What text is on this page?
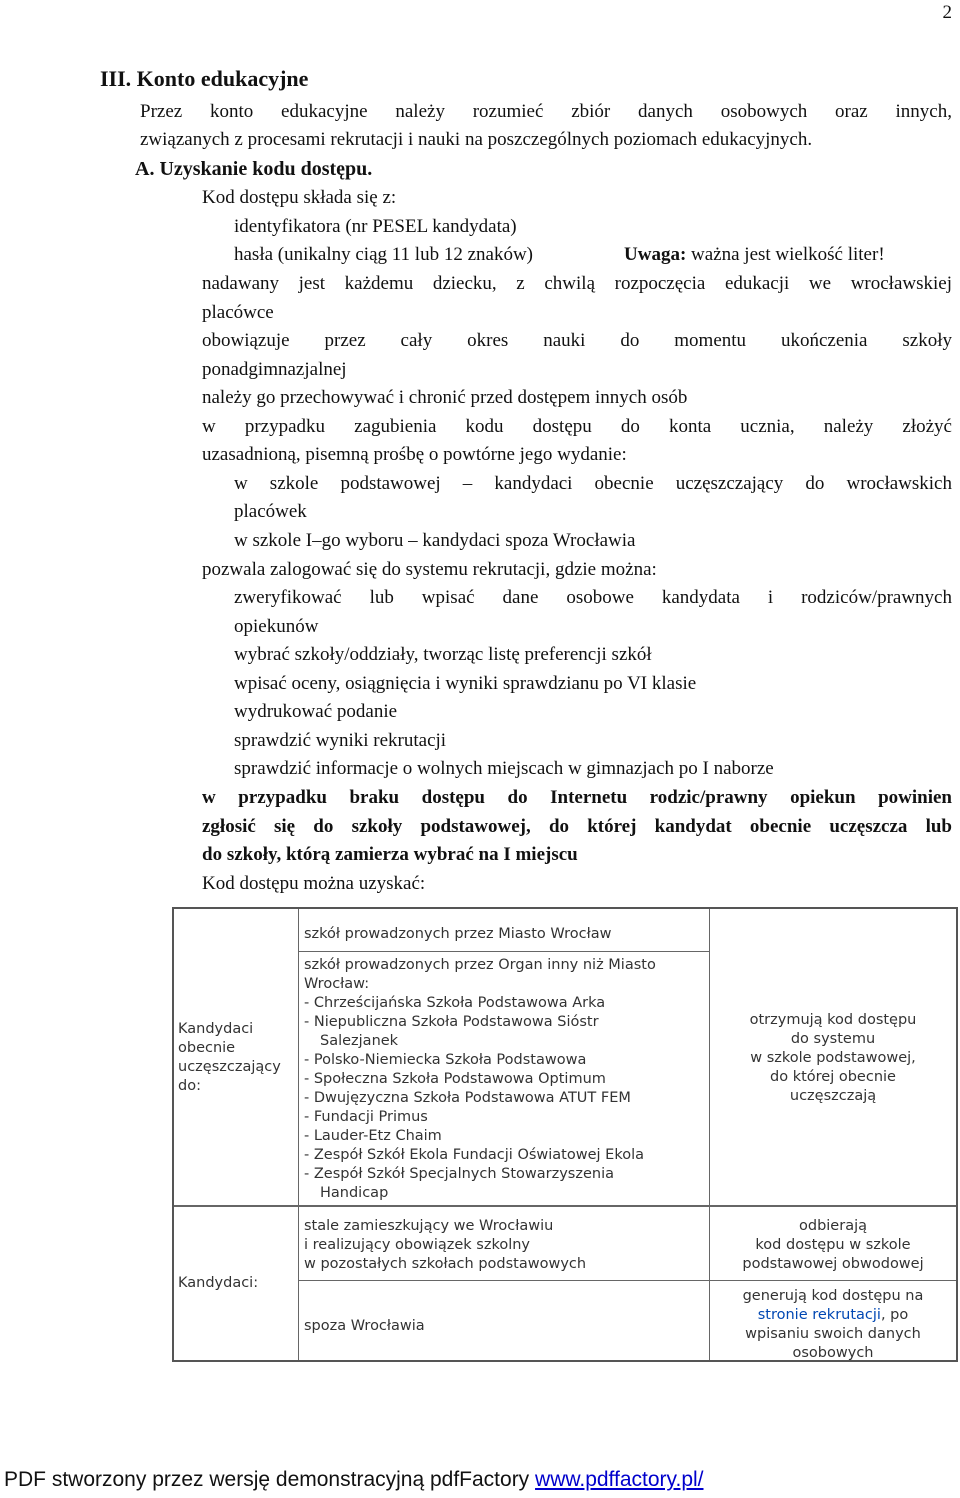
2
III. Konto edukacyjne
Przez konto edukacyjne należy rozumieć zbiór danych osobowych oraz innych,
związanych z procesami rekrutacji i nauki na poszczególnych poziomach edukacyjnych.
A. Uzyskanie kodu dostępu.
Kod dostępu składa się z:
identyfikatora (nr PESEL kandydata)
hasła (unikalny ciąg 11 lub 12 znaków)	Uwaga: ważna jest wielkość liter!
nadawany jest każdemu dziecku, z chwilą rozpoczęcia edukacji we wrocławskiej
placówce
obowiązuje przez cały okres nauki do momentu ukończenia szkoły
ponadgimnazjalnej
należy go przechowywać i chronić przed dostępem innych osób
w przypadku zagubienia kodu dostępu do konta ucznia, należy złożyć
uzasadnioną, pisemną prośbę o powtórne jego wydanie:
w szkole podstawowej – kandydaci obecnie uczęszczający do wrocławskich
placówek
w szkole I–go wyboru – kandydaci spoza Wrocławia
pozwala zalogować się do systemu rekrutacji, gdzie można:
zweryfikować lub wpisać dane osobowe kandydata i rodziców/prawnych
opiekunów
wybrać szkoły/oddziały, tworząc listę preferencji szkół
wpisać oceny, osiągnięcia i wyniki sprawdzianu po VI klasie
wydrukować podanie
sprawdzić wyniki rekrutacji
sprawdzić informacje o wolnych miejscach w gimnazjach po I naborze
w przypadku braku dostępu do Internetu rodzic/prawny opiekun powinien
zgłosić się do szkoły podstawowej, do której kandydat obecnie uczęszcza lub
do szkoły, którą zamierza wybrać na I miejscu
Kod dostępu można uzyskać:
Kandydaci
obecnie
uczęszczający
do:
szkół prowadzonych przez Miasto Wrocław
szkół prowadzonych przez Organ inny niż Miasto
Wrocław:
- Chrześcijańska Szkoła Podstawowa Arka
- Niepubliczna Szkoła Podstawowa Sióstr
Salezjanek
- Polsko-Niemiecka Szkoła Podstawowa
- Społeczna Szkoła Podstawowa Optimum
- Dwujęzyczna Szkoła Podstawowa ATUT FEM
- Fundacji Primus
- Lauder-Etz Chaim
- Zespół Szkół Ekola Fundacji Oświatowej Ekola
- Zespół Szkół Specjalnych Stowarzyszenia
Handicap
otrzymują kod dostępu
do systemu
w szkole podstawowej,
do której obecnie
uczęszczają
Kandydaci:
stale zamieszkujący we Wrocławiu
i realizujący obowiązek szkolny
w pozostałych szkołach podstawowych
odbierają
kod dostępu w szkole
podstawowej obwodowej
spoza Wrocławia
generują kod dostępu na
stronie rekrutacji, po
wpisaniu swoich danych
osobowych
PDF stworzony przez wersję demonstracyjną pdfFactory www.pdffactory.pl/
